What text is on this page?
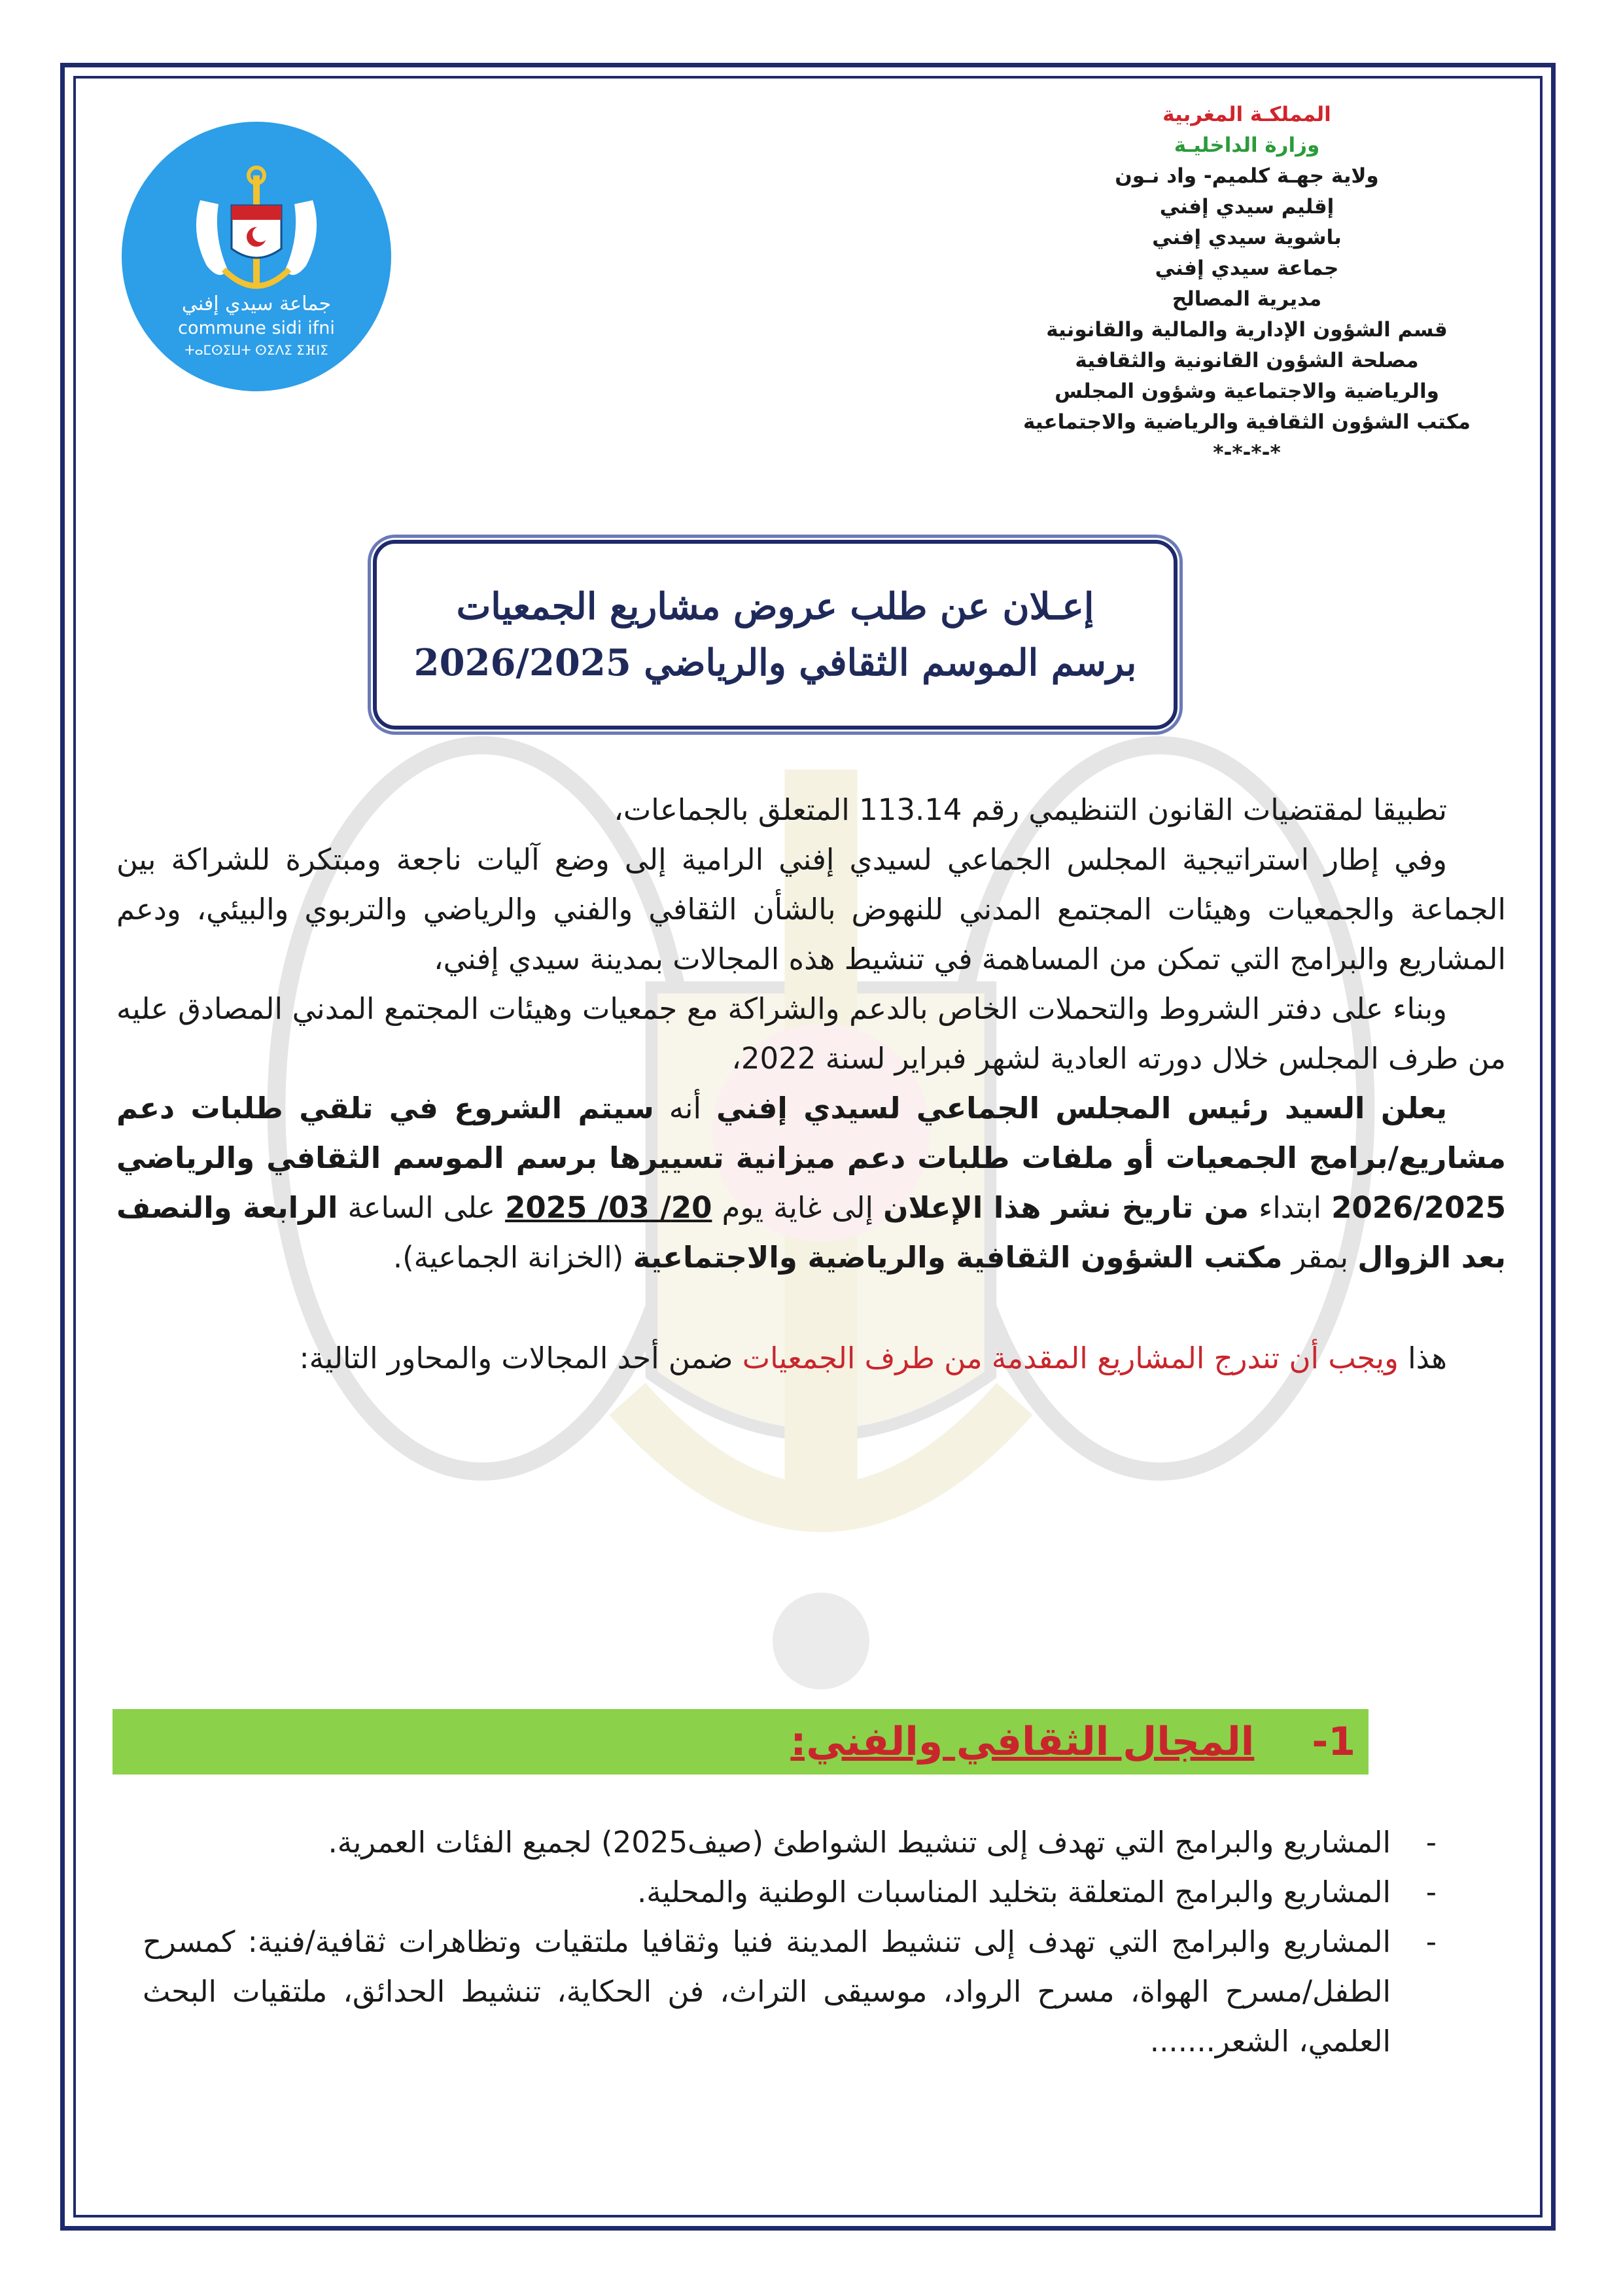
جماعة سيدي إفني
commune sidi ifni
ⵜⴰⵎⵙⵉⵡⵜ ⵙⵉⴷⵉ ⵉⴼⵏⵉ
المملكـة المغربية
وزارة الداخليـة
ولاية جهـة كلميم- واد نـون
إقليم سيدي إفني
باشوية سيدي إفني
جماعة سيدي إفني
مديرية المصالح
قسم الشؤون الإدارية والمالية والقانونية
مصلحة الشؤون القانونية والثقافية
والرياضية والاجتماعية وشؤون المجلس
مكتب الشؤون الثقافية والرياضية والاجتماعية
*-*-*-*
إعـلان عن طلب عروض مشاريع الجمعيات
برسم الموسم الثقافي والرياضي 2026/2025

تطبيقا لمقتضيات القانون التنظيمي رقم 113.14 المتعلق بالجماعات،

وفي إطار استراتيجية المجلس الجماعي لسيدي إفني الرامية إلى وضع آليات ناجعة ومبتكرة للشراكة بين الجماعة والجمعيات وهيئات المجتمع المدني للنهوض بالشأن الثقافي والفني والرياضي والتربوي والبيئي، ودعم المشاريع والبرامج التي تمكن من المساهمة في تنشيط هذه المجالات بمدينة سيدي إفني،

وبناء على دفتر الشروط والتحملات الخاص بالدعم والشراكة مع جمعيات وهيئات المجتمع المدني المصادق عليه من طرف المجلس خلال دورته العادية لشهر فبراير لسنة 2022،

يعلن السيد رئيس المجلس الجماعي لسيدي إفني أنه سيتم الشروع في تلقي طلبات دعم مشاريع/برامج الجمعيات أو ملفات طلبات دعم ميزانية تسييرها برسم الموسم الثقافي والرياضي 2026/2025 ابتداء من تاريخ نشر هذا الإعلان إلى غاية يوم 20/ 03/ 2025 على الساعة الرابعة والنصف بعد الزوال بمقر مكتب الشؤون الثقافية والرياضية والاجتماعية (الخزانة الجماعية).

هذا ويجب أن تندرج المشاريع المقدمة من طرف الجمعيات ضمن أحد المجالات والمحاور التالية:

1-
المجال الثقافي والفني:
- المشاريع والبرامج التي تهدف إلى تنشيط الشواطئ (صيف2025) لجميع الفئات العمرية.
- المشاريع والبرامج المتعلقة بتخليد المناسبات الوطنية والمحلية.
- المشاريع والبرامج التي تهدف إلى تنشيط المدينة فنيا وثقافيا ملتقيات وتظاهرات ثقافية/فنية: كمسرح الطفل/مسرح الهواة، مسرح الرواد، موسيقى التراث، فن الحكاية، تنشيط الحدائق، ملتقيات البحث العلمي، الشعر.......
